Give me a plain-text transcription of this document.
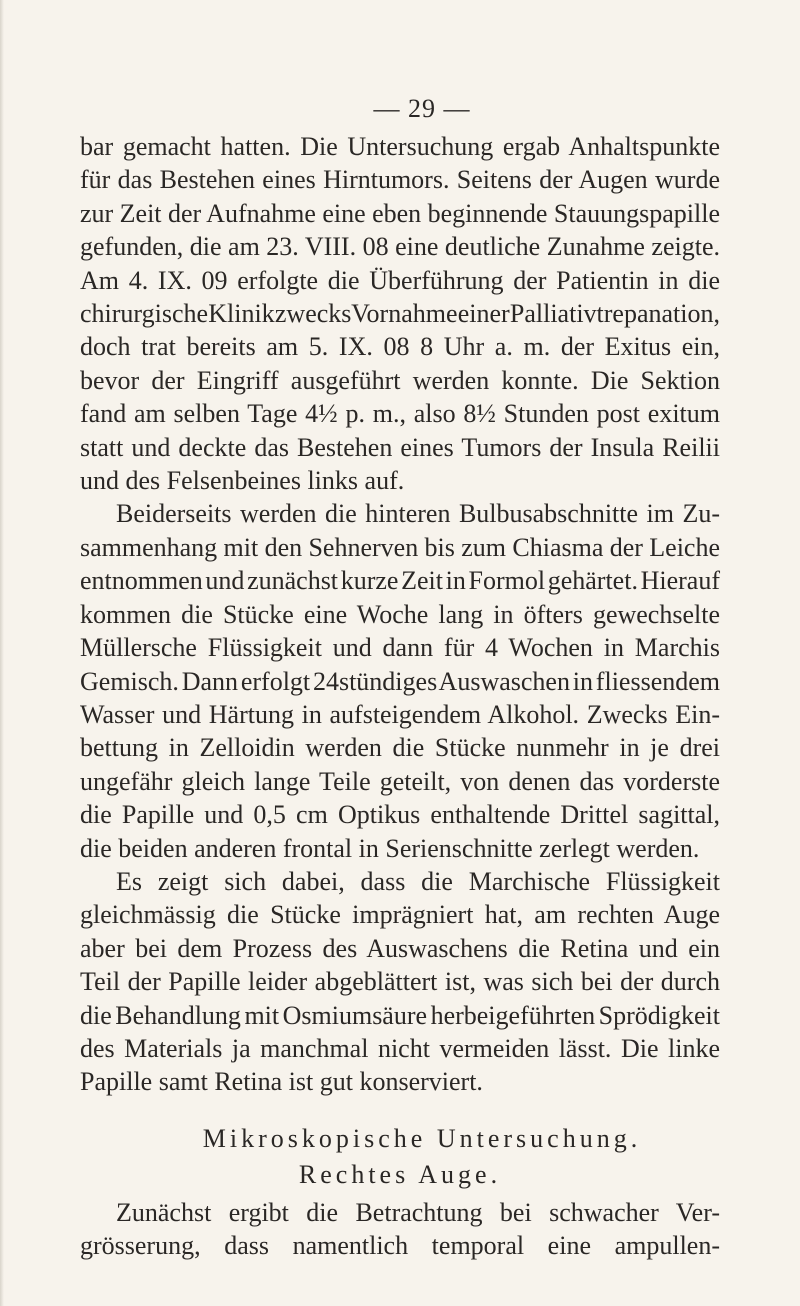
— 29 —

bar gemacht hatten. Die Untersuchung ergab Anhaltspunkte
für das Bestehen eines Hirntumors. Seitens der Augen wurde
zur Zeit der Aufnahme eine eben beginnende Stauungspapille
gefunden, die am 23. VIII. 08 eine deutliche Zunahme zeigte.
Am 4. IX. 09 erfolgte die Überführung der Patientin in die
chirurgische Klinik zwecks Vornahme einer Palliativtrepanation,
doch trat bereits am 5. IX. 08 8 Uhr a. m. der Exitus ein,
bevor der Eingriff ausgeführt werden konnte. Die Sektion
fand am selben Tage 4½ p. m., also 8½ Stunden post exitum
statt und deckte das Bestehen eines Tumors der Insula Reilii
und des Felsenbeines links auf.

Beiderseits werden die hinteren Bulbusabschnitte im Zu-
sammenhang mit den Sehnerven bis zum Chiasma der Leiche
entnommen und zunächst kurze Zeit in Formol gehärtet. Hierauf
kommen die Stücke eine Woche lang in öfters gewechselte
Müllersche Flüssigkeit und dann für 4 Wochen in Marchis
Gemisch. Dann erfolgt 24stündiges Auswaschen in fliessendem
Wasser und Härtung in aufsteigendem Alkohol. Zwecks Ein-
bettung in Zelloidin werden die Stücke nunmehr in je drei
ungefähr gleich lange Teile geteilt, von denen das vorderste
die Papille und 0,5 cm Optikus enthaltende Drittel sagittal,
die beiden anderen frontal in Serienschnitte zerlegt werden.

Es zeigt sich dabei, dass die Marchische Flüssigkeit
gleichmässig die Stücke imprägniert hat, am rechten Auge
aber bei dem Prozess des Auswaschens die Retina und ein
Teil der Papille leider abgeblättert ist, was sich bei der durch
die Behandlung mit Osmiumsäure herbeigeführten Sprödigkeit
des Materials ja manchmal nicht vermeiden lässt. Die linke
Papille samt Retina ist gut konserviert.

Mikroskopische Untersuchung.
Rechtes Auge.
Zunächst ergibt die Betrachtung bei schwacher Ver-
grösserung, dass namentlich temporal eine ampullen-
